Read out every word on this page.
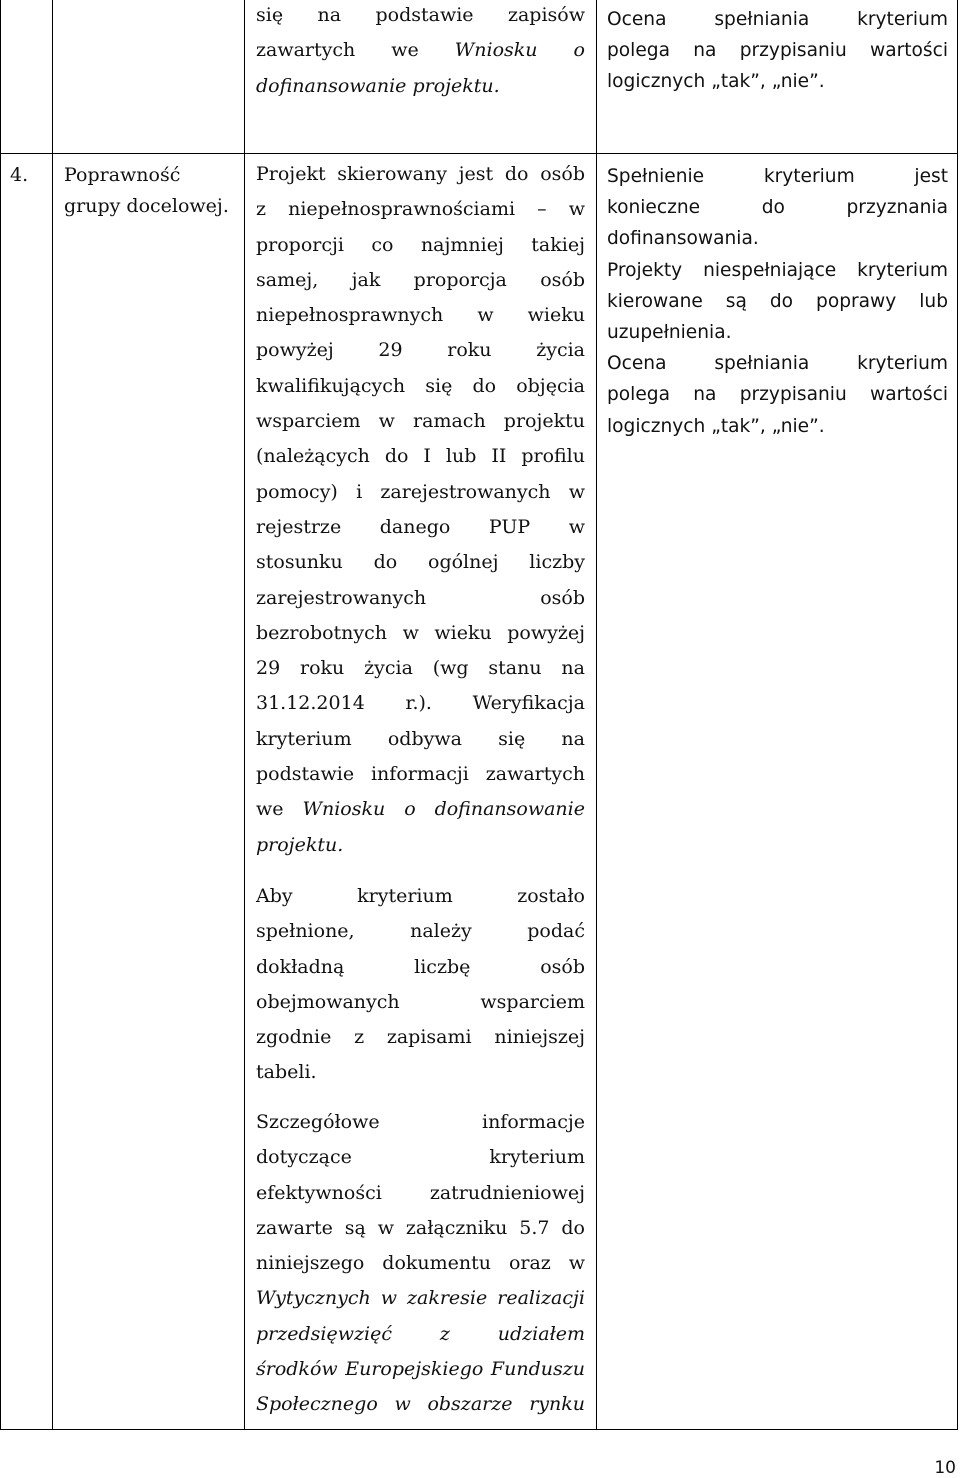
się na podstawie zapisów

zawartych we Wniosku o

dofinansowanie projektu.

Ocena spełniania kryterium

polega na przypisaniu wartości

logicznych „tak”, „nie”.

4. Poprawność
grupy docelowej.

Projekt skierowany jest do osób

z niepełnosprawnościami – w

proporcji co najmniej takiej

samej, jak proporcja osób

niepełnosprawnych w wieku

powyżej 29 roku życia

kwalifikujących się do objęcia

wsparciem w ramach projektu

(należących do I lub II profilu

pomocy) i zarejestrowanych w

rejestrze danego PUP w

stosunku do ogólnej liczby

zarejestrowanych osób

bezrobotnych w wieku powyżej

29 roku życia (wg stanu na

31.12.2014 r.). Weryfikacja

kryterium odbywa się na

podstawie informacji zawartych

we Wniosku o dofinansowanie

projektu.

Aby kryterium zostało

spełnione, należy podać

dokładną liczbę osób

obejmowanych wsparciem

zgodnie z zapisami niniejszej

tabeli.

Szczegółowe informacje

dotyczące kryterium

efektywności zatrudnieniowej

zawarte są w załączniku 5.7 do

niniejszego dokumentu oraz w

Wytycznych w zakresie realizacji

przedsięwzięć z udziałem

środków Europejskiego Funduszu

Społecznego w obszarze rynku

Spełnienie kryterium jest

konieczne do przyznania

dofinansowania.

Projekty niespełniające kryterium

kierowane są do poprawy lub

uzupełnienia.

Ocena spełniania kryterium

polega na przypisaniu wartości

logicznych „tak”, „nie”.

10
